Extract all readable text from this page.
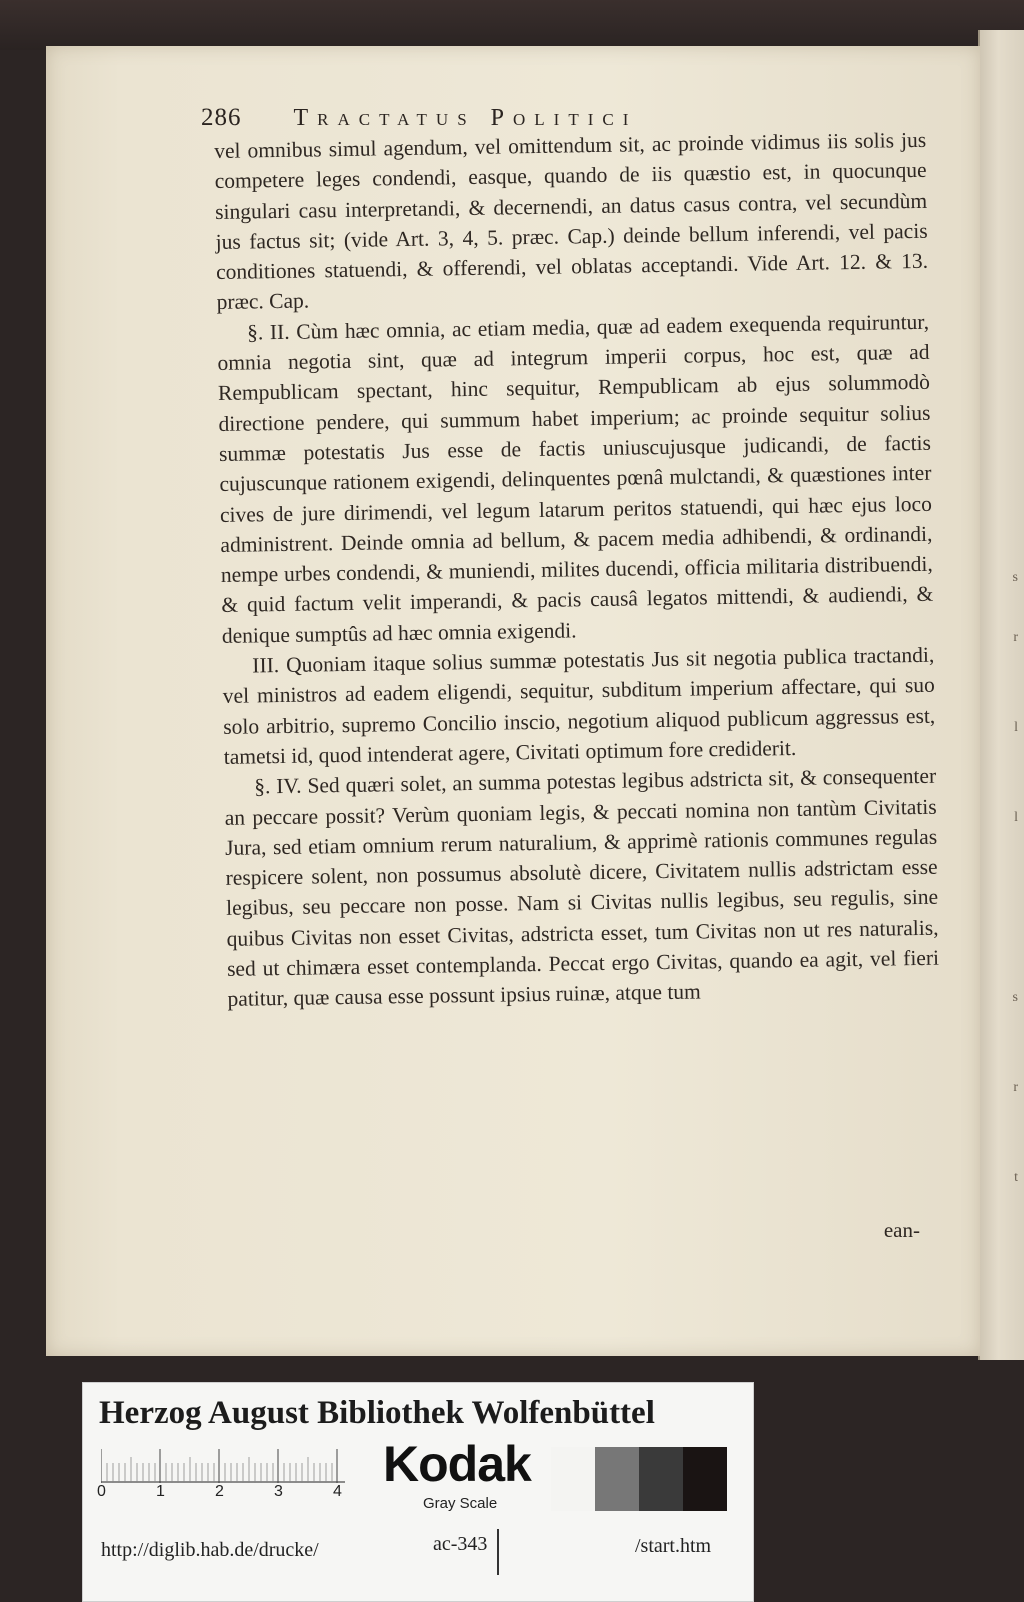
s
r
l
l
s
r
t
286 Tractatus Politici

vel omnibus simul agendum, vel omittendum sit, ac proinde vidimus iis solis jus competere leges condendi, easque, quando de iis quæstio est, in quocunque singulari casu interpretandi, & decernendi, an datus casus contra, vel secundùm jus factus sit; (vide Art. 3, 4, 5. præc. Cap.) deinde bellum inferendi, vel pacis conditiones statuendi, & offerendi, vel oblatas acceptandi. Vide Art. 12. & 13. præc. Cap.

§. II. Cùm hæc omnia, ac etiam media, quæ ad eadem exequenda requiruntur, omnia negotia sint, quæ ad integrum imperii corpus, hoc est, quæ ad Rempublicam spectant, hinc sequitur, Rempublicam ab ejus solummodò directione pendere, qui summum habet imperium; ac proinde sequitur solius summæ potestatis Jus esse de factis uniuscujusque judicandi, de factis cujuscunque rationem exigendi, delinquentes pœnâ mulctandi, & quæstiones inter cives de jure dirimendi, vel legum latarum peritos statuendi, qui hæc ejus loco administrent. Deinde omnia ad bellum, & pacem media adhibendi, & ordinandi, nempe urbes condendi, & muniendi, milites ducendi, officia militaria distribuendi, & quid factum velit imperandi, & pacis causâ legatos mittendi, & audiendi, & denique sumptûs ad hæc omnia exigendi.

III. Quoniam itaque solius summæ potestatis Jus sit negotia publica tractandi, vel ministros ad eadem eligendi, sequitur, subditum imperium affectare, qui suo solo arbitrio, supremo Concilio inscio, negotium aliquod publicum aggressus est, tametsi id, quod intenderat agere, Civitati optimum fore crediderit.

§. IV. Sed quæri solet, an summa potestas legibus adstricta sit, & consequenter an peccare possit? Verùm quoniam legis, & peccati nomina non tantùm Civitatis Jura, sed etiam omnium rerum naturalium, & apprimè rationis communes regulas respicere solent, non possumus absolutè dicere, Civitatem nullis adstrictam esse legibus, seu peccare non posse. Nam si Civitas nullis legibus, seu regulis, sine quibus Civitas non esset Civitas, adstricta esset, tum Civitas non ut res naturalis, sed ut chimæra esset contemplanda. Peccat ergo Civitas, quando ea agit, vel fieri patitur, quæ causa esse possunt ipsius ruinæ, atque tum

ean-
Herzog August Bibliothek Wolfenbüttel
0	1	2	3	4 Kodak
Gray Scale
http://diglib.hab.de/drucke/	ac-343	/start.htm
